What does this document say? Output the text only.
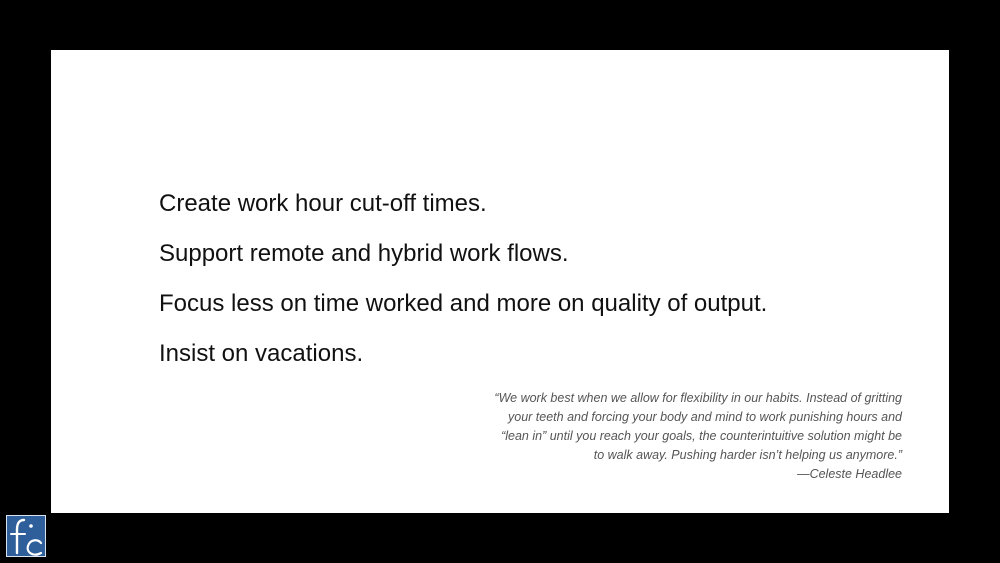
Create work hour cut-off times.
Support remote and hybrid work flows.
Focus less on time worked and more on quality of output.
Insist on vacations.
“We work best when we allow for flexibility in our habits. Instead of gritting
your teeth and forcing your body and mind to work punishing hours and
“lean in” until you reach your goals, the counterintuitive solution might be
to walk away. Pushing harder isn’t helping us anymore.”
—Celeste Headlee
